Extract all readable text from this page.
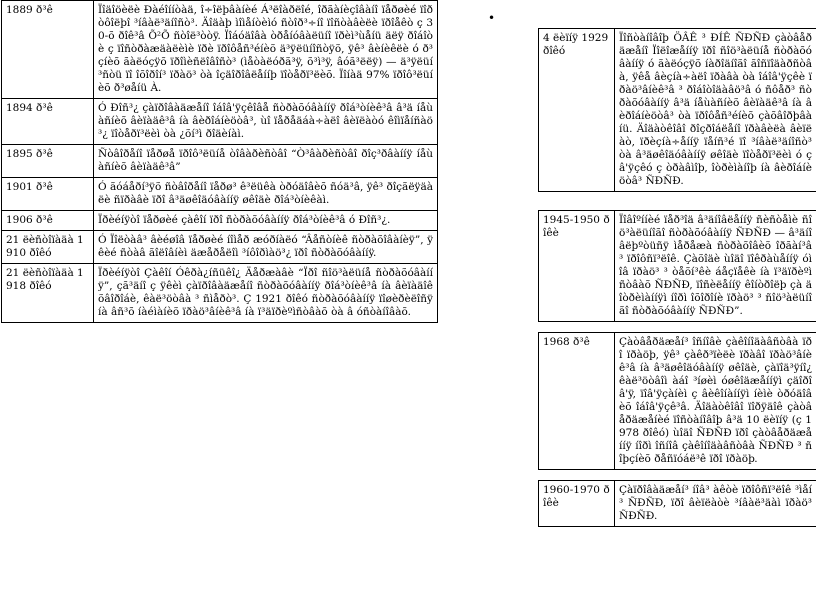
•
1889 ð³ê	Ïîäîöèëè Ðàéîííòàä, î÷îëþâàíèé Á³ëîàðëîé, îðãàíèçîâàíî ïåðøèé ïîðòôîëþî ³íâàë³äíîñò³. Äîäàþ ìîìåíòèìó ñòîð³÷íî ïîñòàâèëè ïðîåêò ç 30-õ ðîê³â Õ²Õ ñòîë³òòÿ. Ïîáóäîâà òðåíóâàëüíî ïðèì³ùåíü äëÿ ðîáîòè ç ïîñòðàæäàëèìè ïðè ïðîôåñ³éíèõ ä³ÿëüíîñòÿõ, ÿê³ âèíèêëè ó ð³çíèõ ãàëóçÿõ ïðîìèñëîâîñò³ (ìåòàëóðã³ÿ, õ³ì³ÿ, âóã³ëëÿ) — ä³ÿëüí³ñòü ïî îõîðîí³ ïðàö³ òà îçäîðîâëåííþ ïîòåðï³ëèõ. Ïîíàä 97% ïðîô³ëüíèõ ð³øåíü À.
1894 ð³ê	Ó Ðîñ³¿ çàïðîâàäæåíî îáîâ'ÿçêîâå ñòðàõóâàííÿ ðîá³òíèê³â â³ä íåùàñíèõ âèïàäê³â íà âèðîáíèöòâ³, ùî ïåðåäáà÷àëî âèïëàòó êîìïåíñàö³¿ ïîòåðï³ëèì òà ¿õí³ì ðîäèíàì.
1895 ð³ê	Ñòâîðåíî ïåðøå ïðîô³ëüíå òîâàðèñòâî “Ò³âàðèñòâî ðîç³ðâàííÿ íåùàñíèõ âèïàäê³â”
1901 ð³ê	Ó ãóáåðí³ÿõ ñòâîðåíî ïåðø³ ê³ëüêà òðóäîâèõ ñóä³â, ÿê³ ðîçãëÿäàëè ñïðàâè ïðî â³äøêîäóâàííÿ øêîäè ðîá³òíèêàì.
1906 ð³ê	Ïðèéíÿòî ïåðøèé çàêîí ïðî ñòðàõóâàííÿ ðîá³òíèê³â ó Ðîñ³¿.
21 ëèñòîïàäà 1910 ðîêó	Ó Ïîëòàâ³ âèéøîâ ïåðøèé íîìåð æóðíàëó “Âåñòíèê ñòðàõîâàíèÿ”, ÿêèé ñòàâ ãîëîâíèì äæåðåëîì ³íôîðìàö³¿ ïðî ñòðàõóâàííÿ.
21 ëèñòîïàäà 1918 ðîêó	Ïðèéíÿòî Çàêîí Óêðà¿íñüêî¿ Äåðæàâè “Ïðî ñîö³àëüíå ñòðàõóâàííÿ”, çã³äíî ç ÿêèì çàïðîâàäæåíî ñòðàõóâàííÿ ðîá³òíèê³â íà âèïàäîê õâîðîáè, êàë³öòâà ³ ñìåðò³. Ç 1921 ðîêó ñòðàõóâàííÿ ïîøèðèëîñÿ íà âñ³õ íàéìàíèõ ïðàö³âíèê³â íà ï³äïðèºìñòâàõ òà â óñòàíîâàõ.
4 ëèïíÿ 1929 ðîêó	Ïîñòàíîâîþ ÖÂÊ ³ ÐÍÊ ÑÐÑÐ çàòâåðäæåíî Ïîëîæåííÿ ïðî ñîö³àëüíå ñòðàõóâàííÿ ó ãàëóçÿõ íàðîäíîãî ãîñïîäàðñòâà, ÿêå âèçíà÷àëî ïðàâà òà îáîâ'ÿçêè ïðàö³âíèê³â ³ ðîáîòîäàâö³â ó ñôåð³ ñòðàõóâàííÿ â³ä íåùàñíèõ âèïàäê³â íà âèðîáíèöòâ³ òà ïðîôåñ³éíèõ çàõâîðþâàíü. Äîäàòêîâî ðîçðîáëåíî ïðàâèëà âèïëàò, ïðèçíà÷åííÿ ïåíñ³é ïî ³íâàë³äíîñò³ òà â³äøêîäóâàííÿ øêîäè ïîòåðï³ëèì ó çâ'ÿçêó ç òðàâìîþ, îòðèìàíîþ íà âèðîáíèöòâ³ ÑÐÑÐ.

1945-1950 ðîêè	Ïîâîºííèé ïåð³îä â³äíîâëåííÿ ñèñòåìè ñîö³àëüíîãî ñòðàõóâàííÿ ÑÐÑÐ — â³äíîâëþºòüñÿ ìåðåæà ñòðàõîâèõ îðãàí³â ³ ïðîôñï³ëîê. Çàõîäè ùîäî ïîêðàùåííÿ óìîâ ïðàö³ ³ òåõí³êè áåçïåêè íà ï³äïðèºìñòâàõ ÑÐÑÐ, ïîñèëåííÿ êîíòðîëþ çà äîòðèìàííÿì íîðì îõîðîíè ïðàö³ ³ ñîö³àëüíîãî ñòðàõóâàííÿ ÑÐÑÐ”.

1968 ð³ê	Çàòâåðäæåí³ îñíîâè çàêîíîäàâñòâà ïðî ïðàöþ, ÿê³ çàêð³ïèëè ïðàâî ïðàö³âíèê³â íà â³äøêîäóâàííÿ øêîäè, çàïîä³ÿíî¿ êàë³öòâîì àáî ³íøèì óøêîäæåííÿì çäîðîâ'ÿ, ïîâ'ÿçàíèì ç âèêîíàííÿì íèìè òðóäîâèõ îáîâ'ÿçê³â. Äîäàòêîâî ïîðÿäîê çàòâåðäæåíèé ïîñòàíîâîþ â³ä 10 ëèïíÿ (ç 1978 ðîêó) ùîäî ÑÐÑÐ ïðî çàòâåðäæåííÿ íîðì îñíîâ çàêîíîäàâñòâà ÑÐÑÐ ³ ñîþçíèõ ðåñïóáë³ê ïðî ïðàöþ.

1960-1970 ðîêè	Çàïðîâàäæåí³ íîâ³ àêòè ïðîôñï³ëîê ³ìåí³ ÑÐÑÐ, ïðî âèïëàòè ³íâàë³äàì ïðàö³ ÑÐÑÐ.
